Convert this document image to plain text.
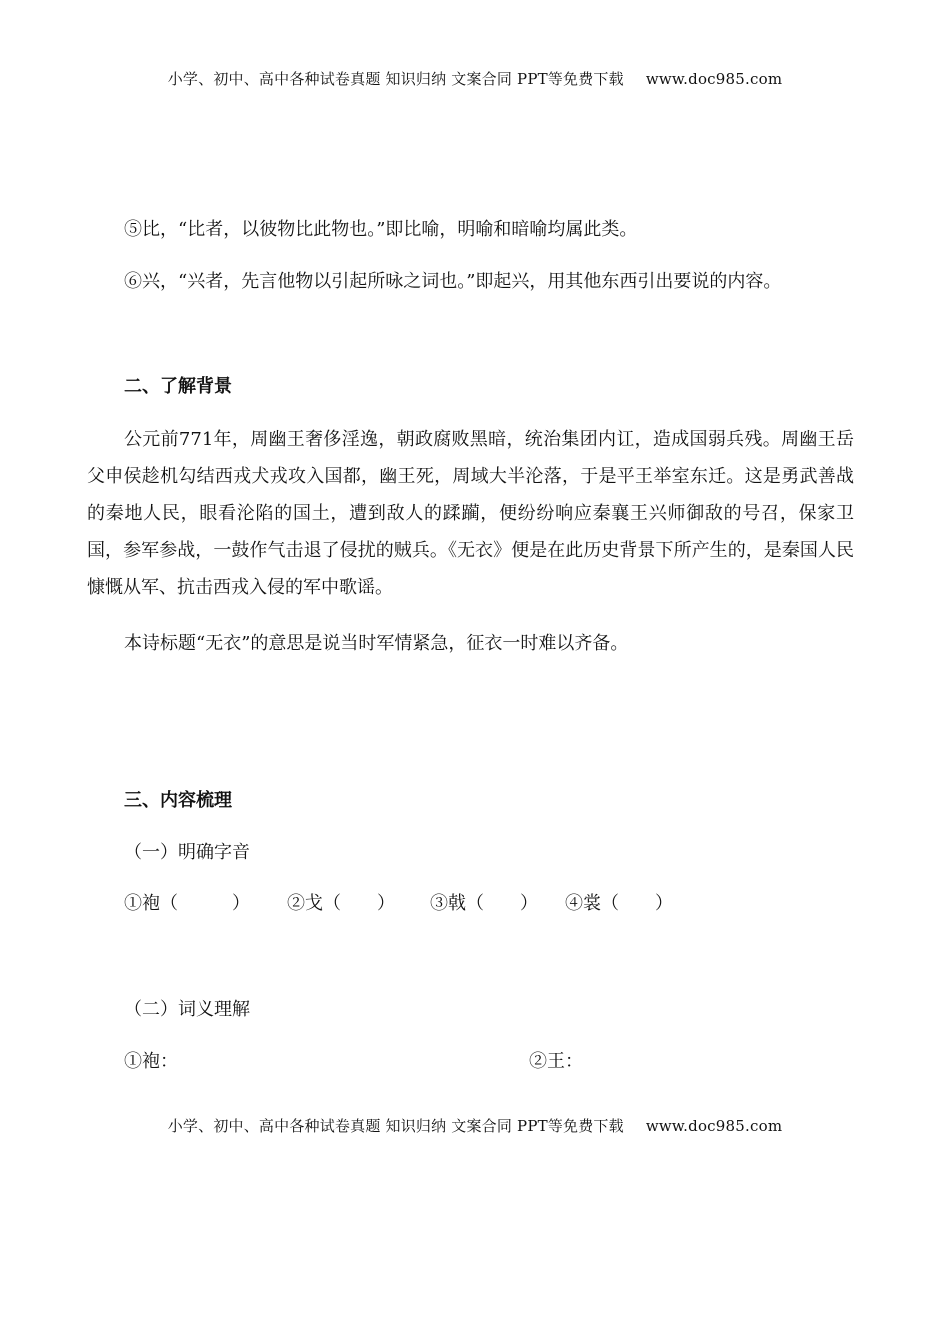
小学、初中、高中各种试卷真题 知识归纳 文案合同 PPT等免费下载 www.doc985.com
⑤比，“比者，以彼物比此物也。”即比喻，明喻和暗喻均属此类。
⑥兴，“兴者，先言他物以引起所咏之词也。”即起兴，用其他东西引出要说的内容。
二、了解背景
公元前771年，周幽王奢侈淫逸，朝政腐败黑暗，统治集团内讧，造成国弱兵残。周幽王岳父申侯趁机勾结西戎犬戎攻入国都，幽王死，周域大半沦落，于是平王举室东迁。这是勇武善战的秦地人民，眼看沦陷的国土，遭到敌人的蹂躏，便纷纷响应秦襄王兴师御敌的号召，保家卫国，参军参战，一鼓作气击退了侵扰的贼兵。《无衣》便是在此历史背景下所产生的，是秦国人民慷慨从军、抗击西戎入侵的军中歌谣。
本诗标题“无衣”的意思是说当时军情紧急，征衣一时难以齐备。
三、内容梳理
（一）明确字音
①袍（　　　） ②戈（　　） ③戟（　　） ④裳（　　）
（二）词义理解
①袍：	②王：
小学、初中、高中各种试卷真题 知识归纳 文案合同 PPT等免费下载 www.doc985.com
